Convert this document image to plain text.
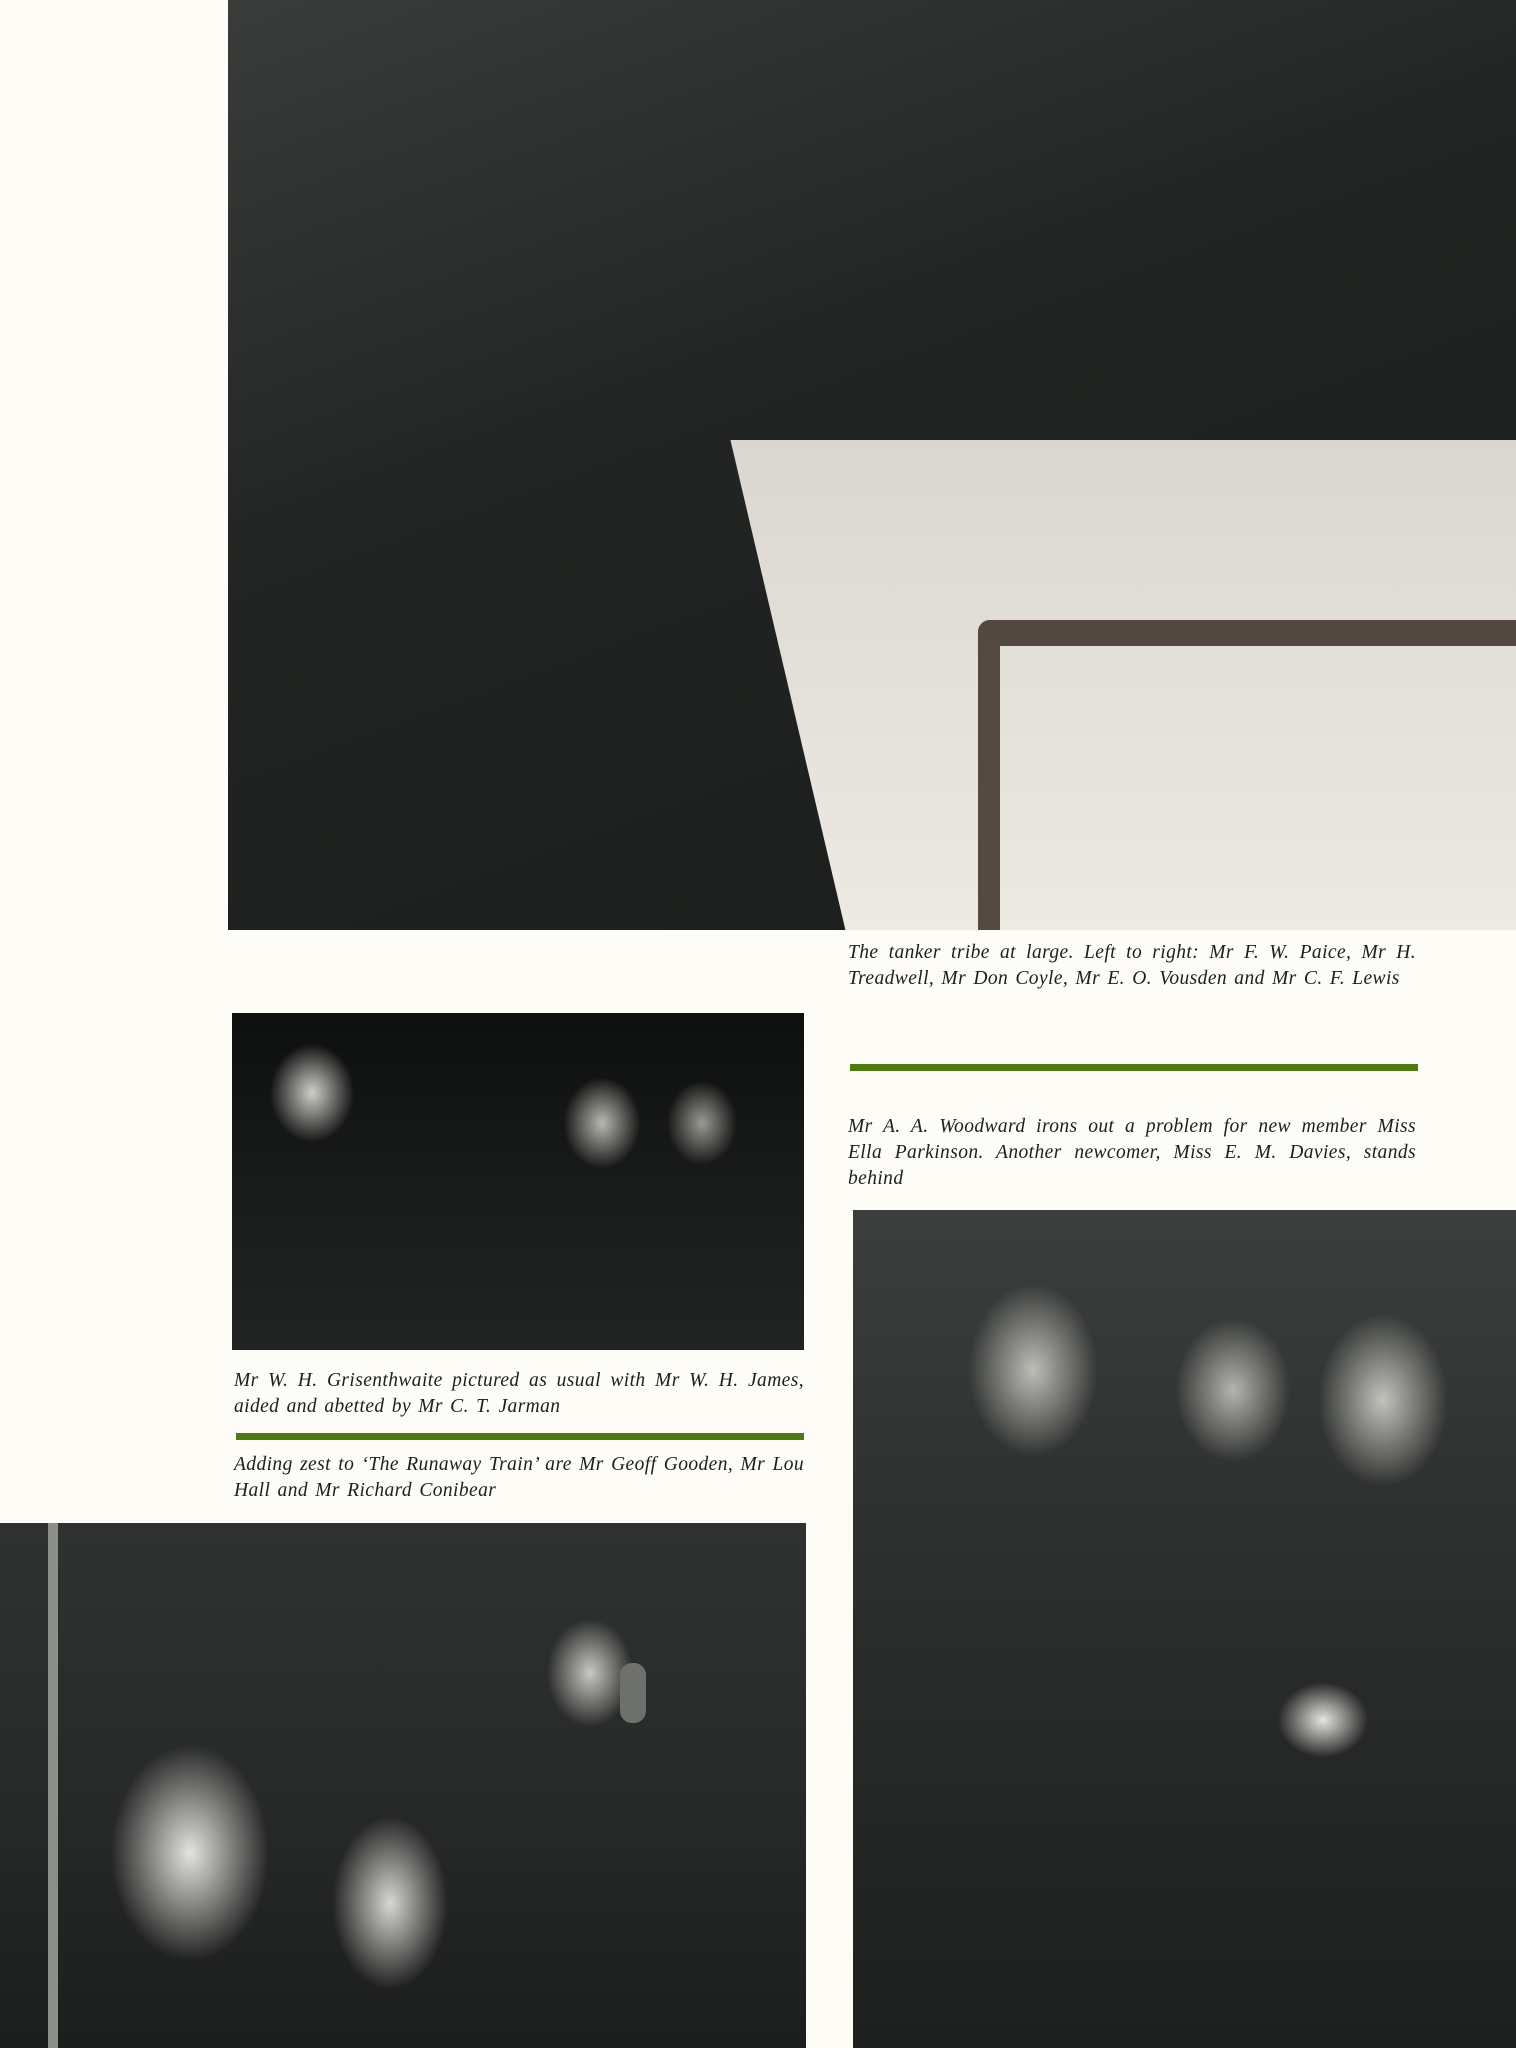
The tanker tribe at large. Left to right: Mr F. W. Paice, Mr H. Treadwell, Mr Don Coyle, Mr E. O. Vousden and Mr C. F. Lewis
Mr A. A. Woodward irons out a problem for new member Miss Ella Parkinson. Another newcomer, Miss E. M. Davies, stands behind
Mr W. H. Grisenthwaite pictured as usual with Mr W. H. James, aided and abetted by Mr C. T. Jarman
Adding zest to ‘The Runaway Train’ are Mr Geoff Gooden, Mr Lou Hall and Mr Richard Conibear
